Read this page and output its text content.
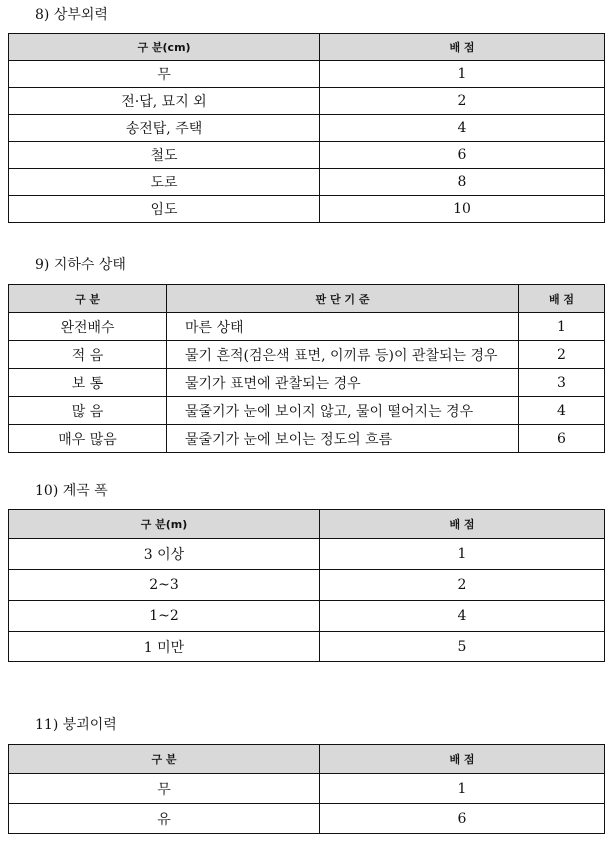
8) 상부외력
구 분(cm)	배 점
무	1
전·답, 묘지 외	2
송전탑, 주택	4
철도	6
도로	8
임도	10
9) 지하수 상태
구 분	판 단 기 준	배 점
완전배수	마른 상태	1
적 음	물기 흔적(검은색 표면, 이끼류 등)이 관찰되는 경우	2
보 통	물기가 표면에 관찰되는 경우	3
많 음	물줄기가 눈에 보이지 않고, 물이 떨어지는 경우	4
매우 많음	물줄기가 눈에 보이는 정도의 흐름	6
10) 계곡 폭
구 분(m)	배 점
3 이상	1
2~3	2
1~2	4
1 미만	5
11) 붕괴이력
구 분	배 점
무	1
유	6
